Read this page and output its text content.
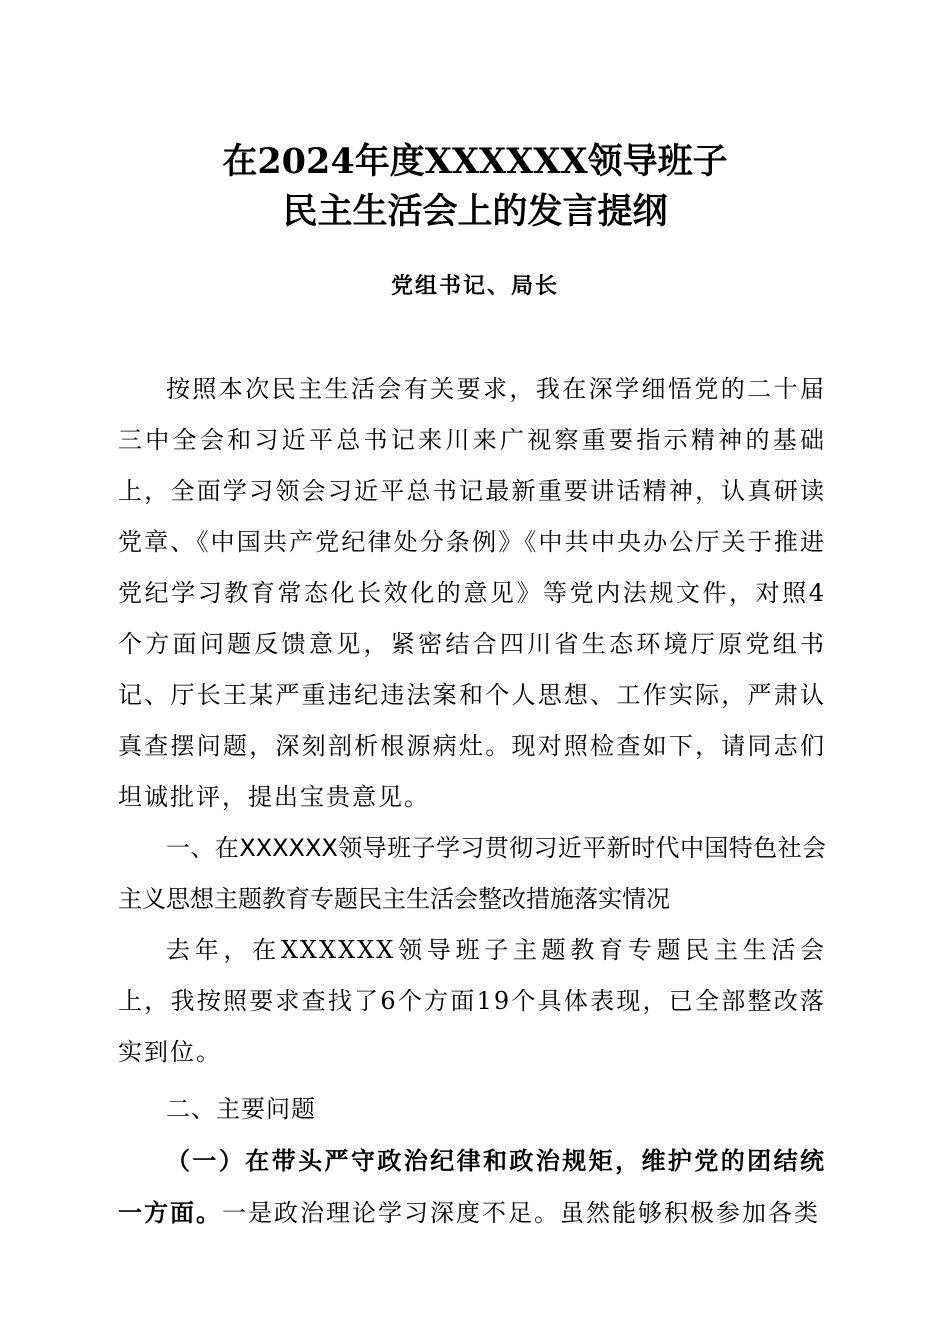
在2024年度XXXXXX领导班子
民主生活会上的发言提纲
党组书记、局长

按照本次民主生活会有关要求，我在深学细悟党的二十届三中全会和习近平总书记来川来广视察重要指示精神的基础上，全面学习领会习近平总书记最新重要讲话精神，认真研读党章、《中国共产党纪律处分条例》《中共中央办公厅关于推进党纪学习教育常态化长效化的意见》等党内法规文件，对照4个方面问题反馈意见，紧密结合四川省生态环境厅原党组书记、厅长王某严重违纪违法案和个人思想、工作实际，严肃认真查摆问题，深刻剖析根源病灶。现对照检查如下，请同志们坦诚批评，提出宝贵意见。

一、在XXXXXX领导班子学习贯彻习近平新时代中国特色社会主义思想主题教育专题民主生活会整改措施落实情况

去年，在XXXXXX领导班子主题教育专题民主生活会上，我按照要求查找了6个方面19个具体表现，已全部整改落实到位。

二、主要问题

（一）在带头严守政治纪律和政治规矩，维护党的团结统一方面。一是政治理论学习深度不足。虽然能够积极参加各类
